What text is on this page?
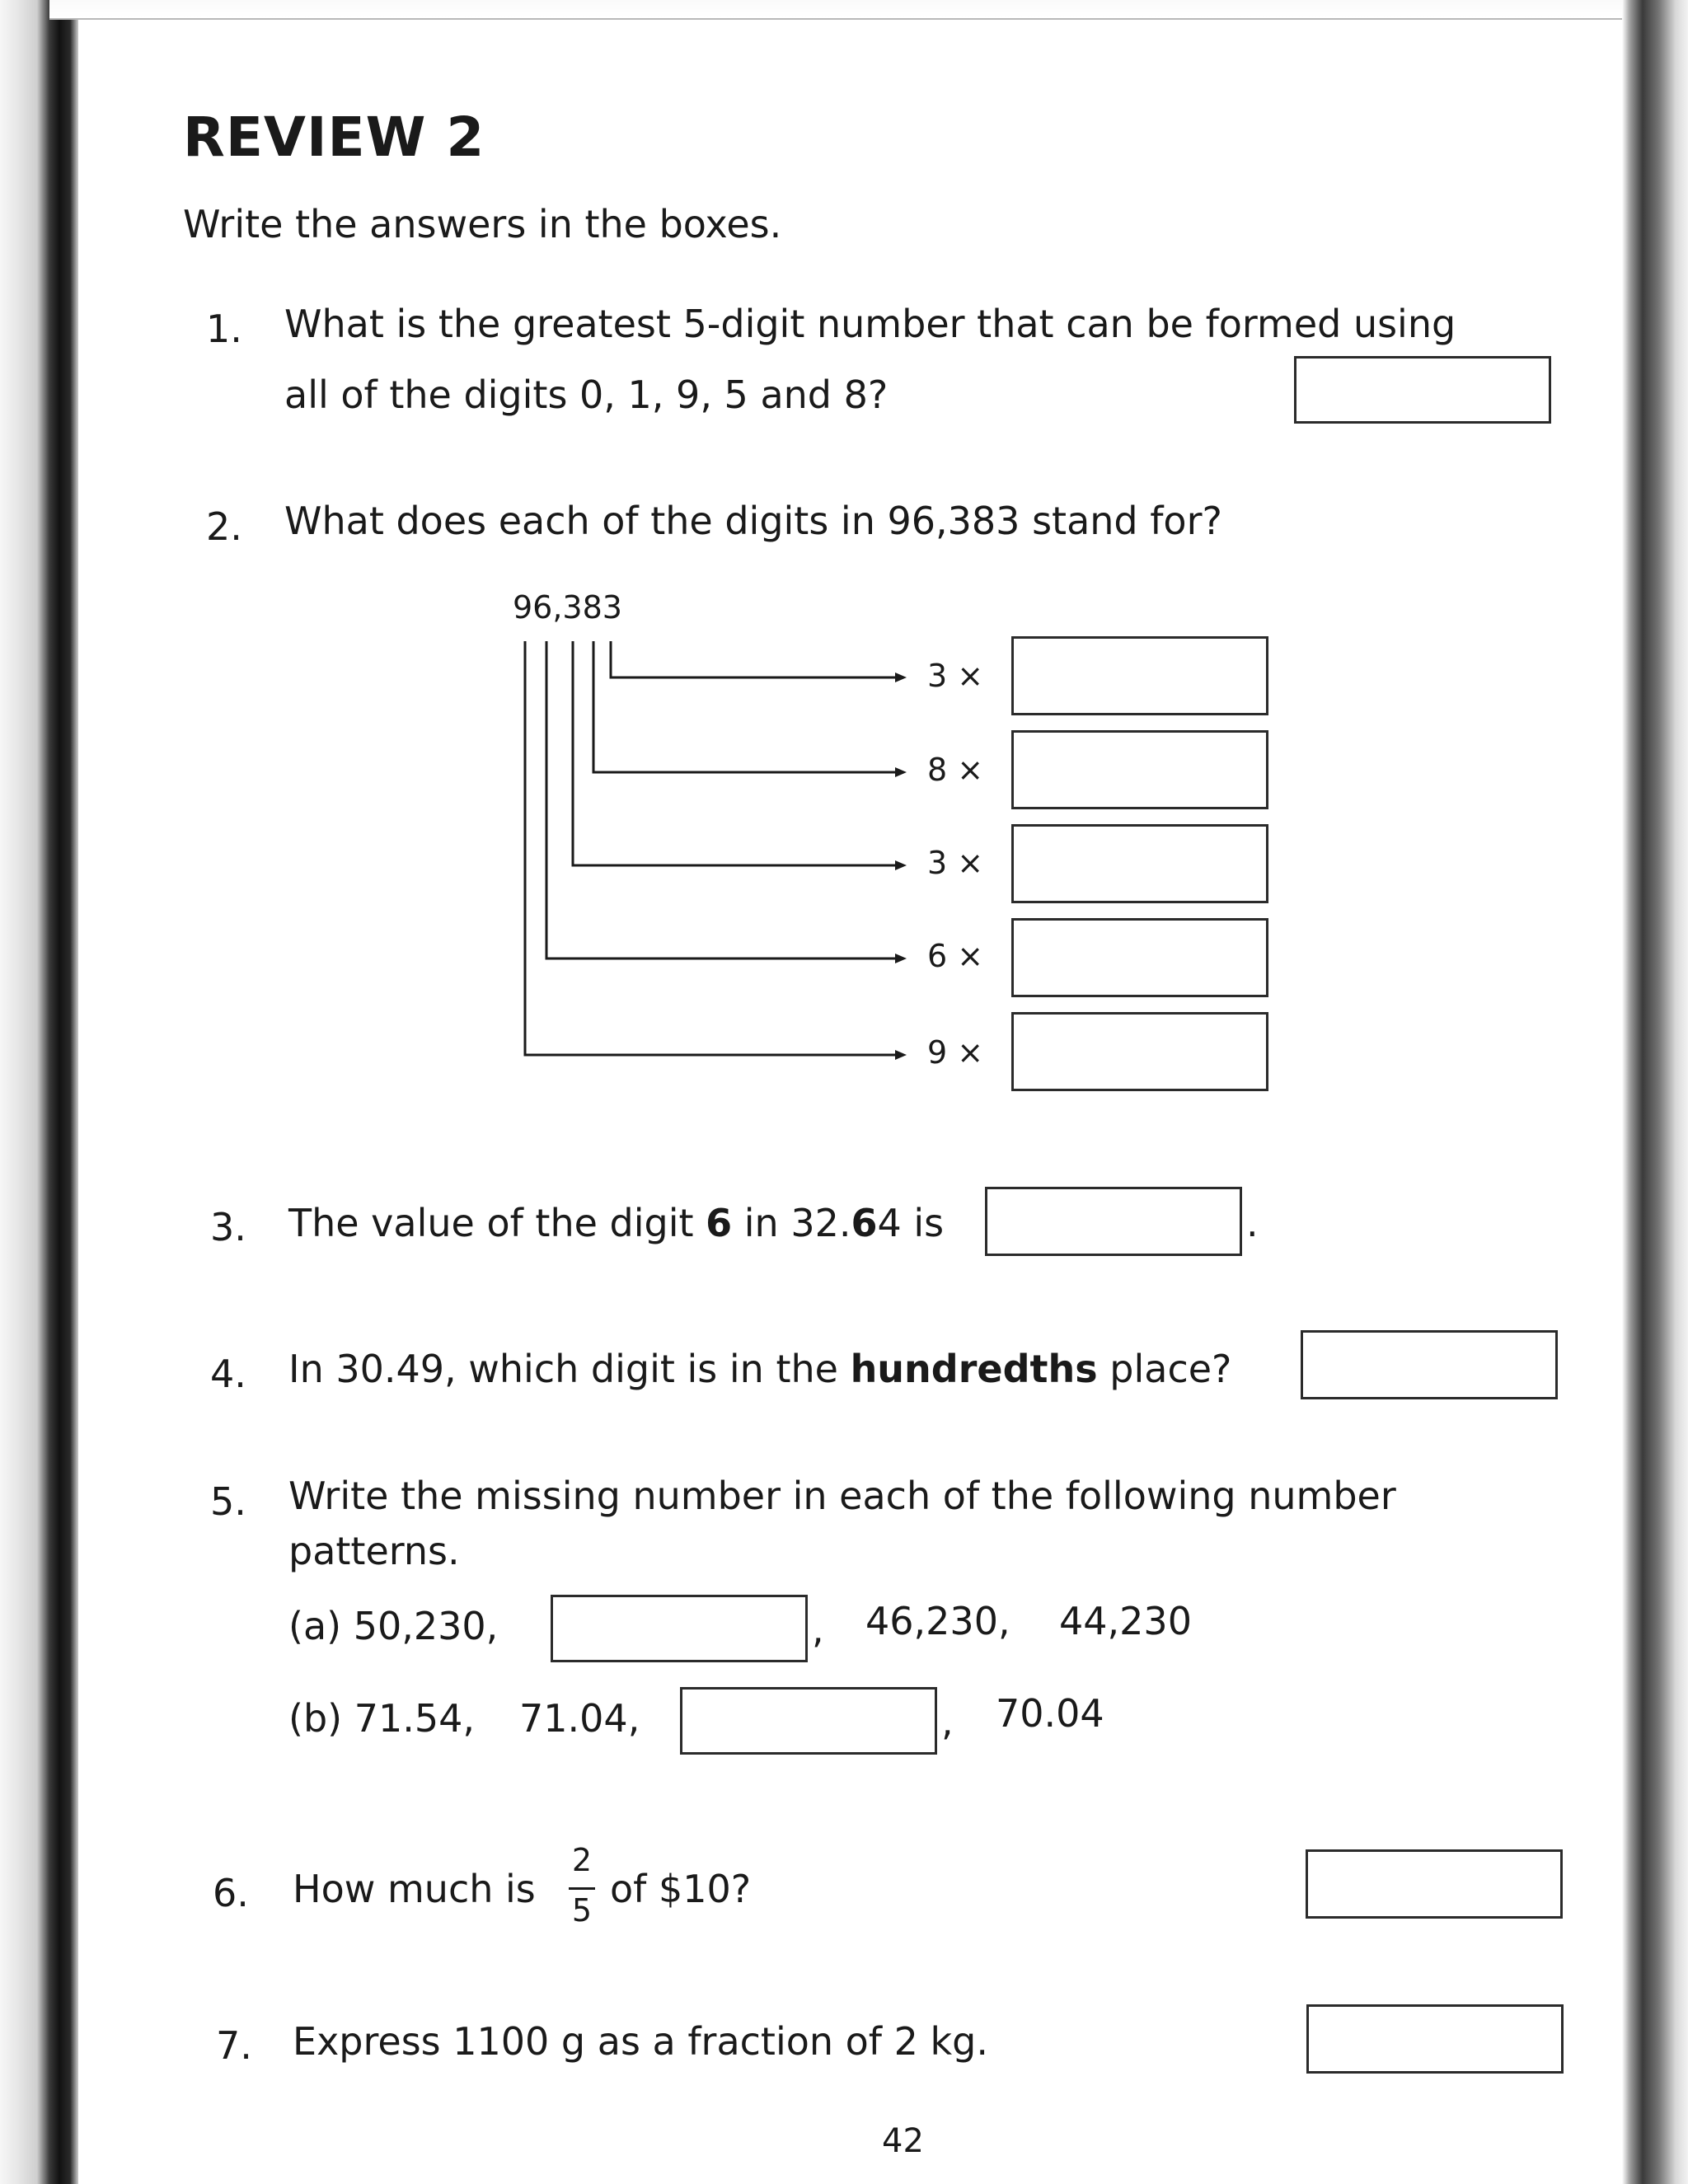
REVIEW 2
Write the answers in the boxes.
1. What is the greatest 5-digit number that can be formed using
all of the digits 0, 1, 9, 5 and 8?
2. What does each of the digits in 96,383 stand for?
96,383
3 ×
8 ×
3 ×
6 ×
9 ×
3. The value of the digit 6 in 32.64 is	.
4. In 30.49, which digit is in the hundredths place?
5. Write the missing number in each of the following number
patterns.
(a) 50,230,	, 46,230, 44,230
(b) 71.54, 71.04,	, 70.04
6. How much is
2
5 of $10?
7. Express 1100 g as a fraction of 2 kg.
42
